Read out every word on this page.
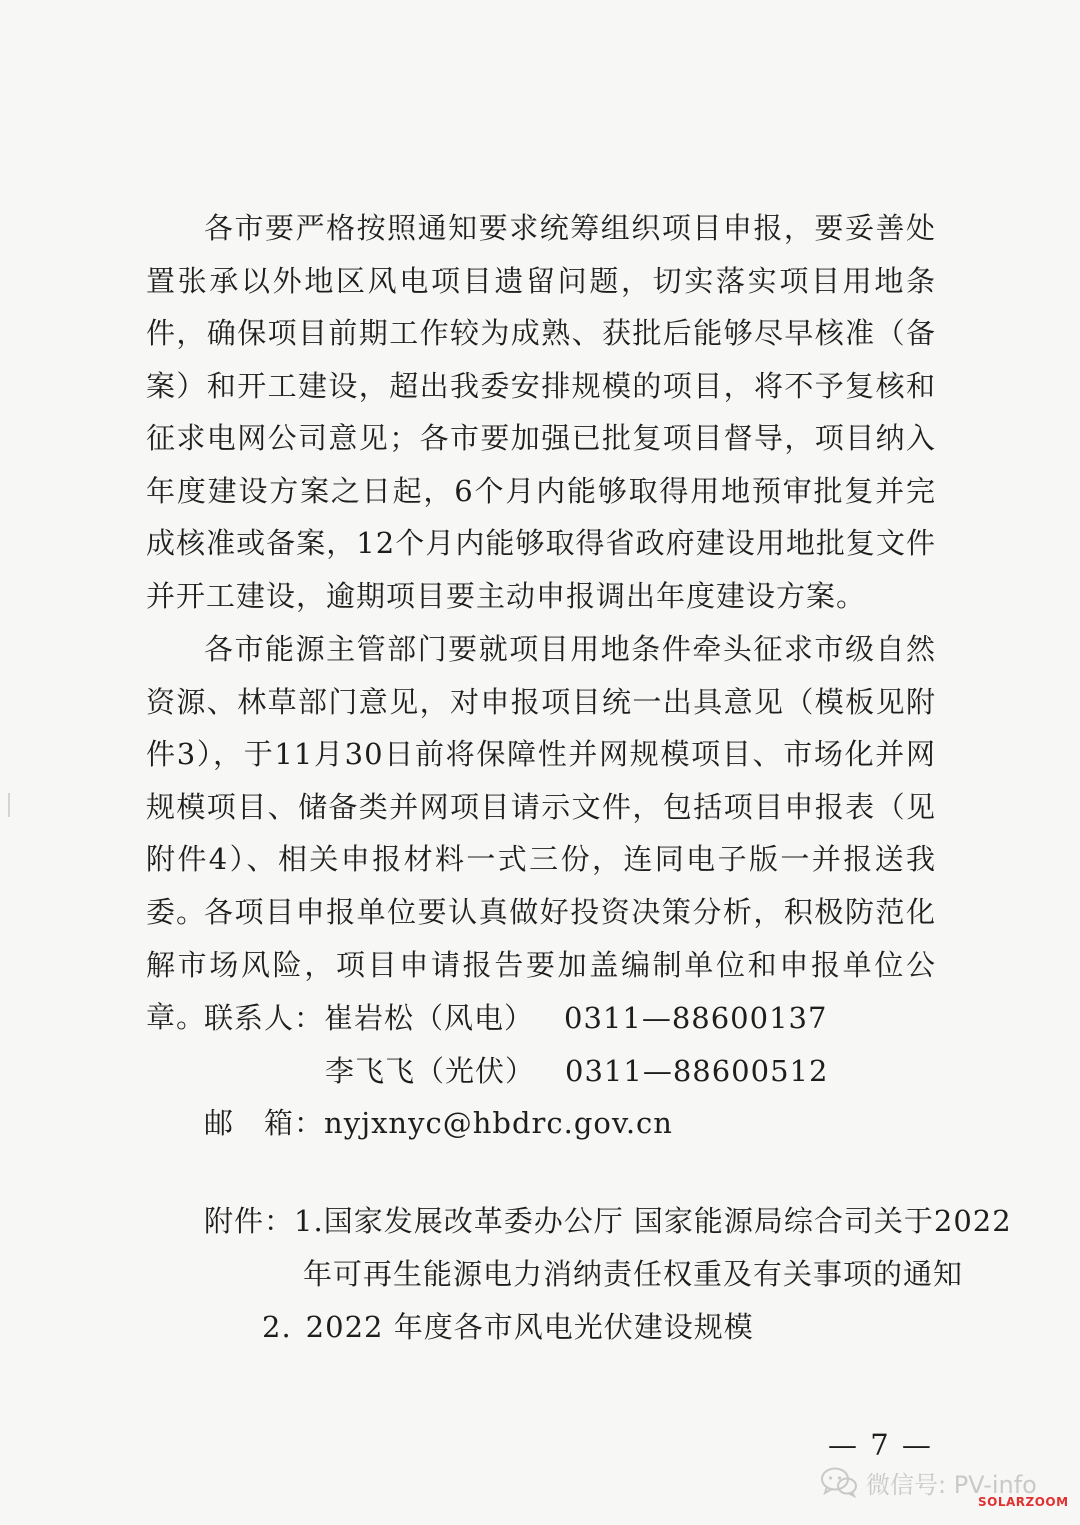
各市要严格按照通知要求统筹组织项目申报，要妥善处置张承以外地区风电项目遗留问题，切实落实项目用地条件，确保项目前期工作较为成熟、获批后能够尽早核准（备案）和开工建设，超出我委安排规模的项目，将不予复核和征求电网公司意见；各市要加强已批复项目督导，项目纳入年度建设方案之日起，6个月内能够取得用地预审批复并完成核准或备案，12个月内能够取得省政府建设用地批复文件并开工建设，逾期项目要主动申报调出年度建设方案。

各市能源主管部门要就项目用地条件牵头征求市级自然资源、林草部门意见，对申报项目统一出具意见（模板见附件3），于11月30日前将保障性并网规模项目、市场化并网规模项目、储备类并网项目请示文件，包括项目申报表（见附件4）、相关申报材料一式三份，连同电子版一并报送我委。

各项目申报单位要认真做好投资决策分析，积极防范化解市场风险，项目申请报告要加盖编制单位和申报单位公章。

联系人：崔岩松（风电） 0311—88600137
李飞飞（光伏） 0311—88600512
邮　箱：nyjxnyc@hbdrc.gov.cn
附件：1.国家发展改革委办公厅 国家能源局综合司关于2022
年可再生能源电力消纳责任权重及有关事项的通知
2. 2022 年度各市风电光伏建设规模
— 7 —
微信号: PV-info
SOLARZOOM
